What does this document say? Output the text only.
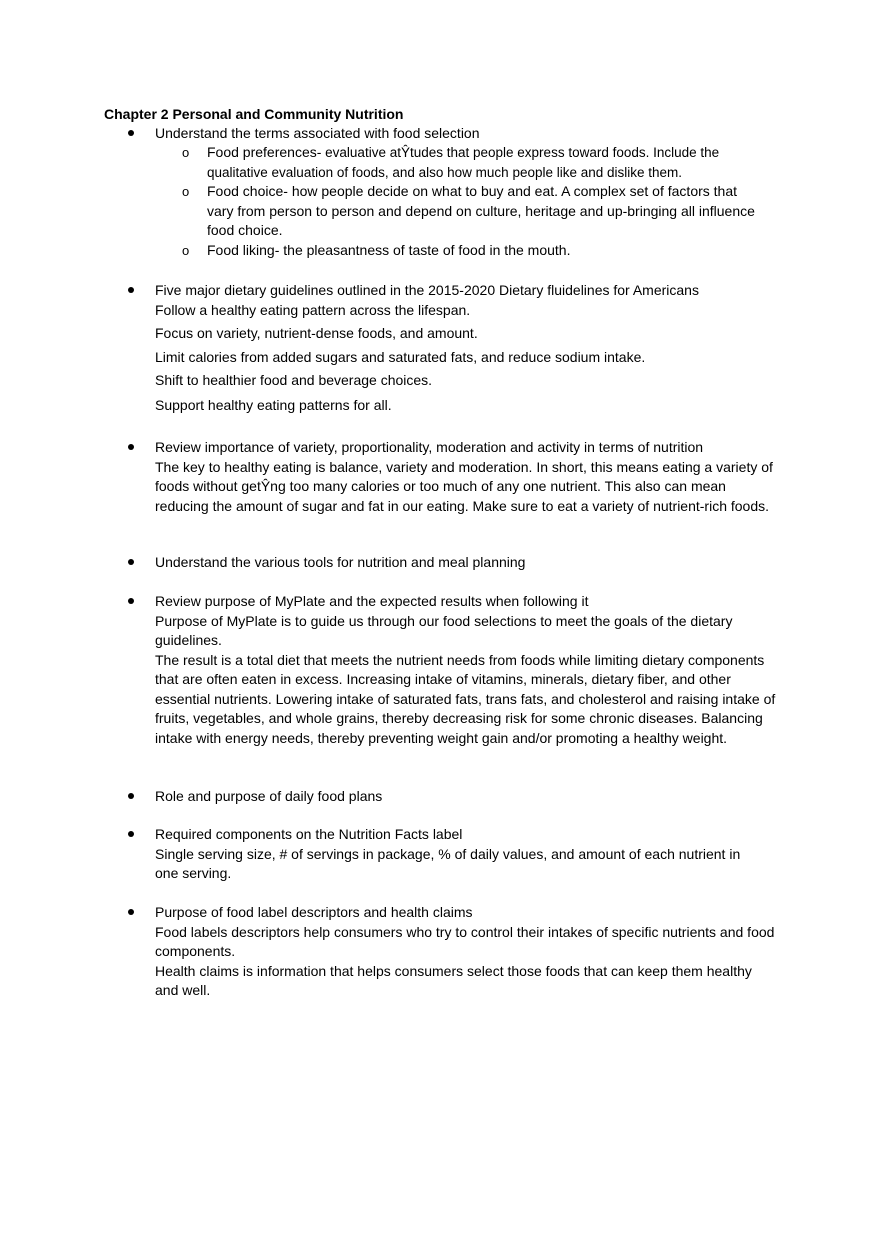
Chapter 2 Personal and Community Nutrition
Understand the terms associated with food selection
o Food preferences- evaluative atŶtudes that people express toward foods. Include the qualitative evaluation of foods, and also how much people like and dislike them.
o Food choice- how people decide on what to buy and eat. A complex set of factors that vary from person to person and depend on culture, heritage and up-bringing all influence food choice.
o Food liking- the pleasantness of taste of food in the mouth.
Five major dietary guidelines outlined in the 2015-2020 Dietary fluidelines for Americans
Follow a healthy eating pattern across the lifespan.
Focus on variety, nutrient-dense foods, and amount.
Limit calories from added sugars and saturated fats, and reduce sodium intake.
Shift to healthier food and beverage choices.
Support healthy eating patterns for all.
Review importance of variety, proportionality, moderation and activity in terms of nutrition
The key to healthy eating is balance, variety and moderation. In short, this means eating a variety of foods without getŶng too many calories or too much of any one nutrient. This also can mean reducing the amount of sugar and fat in our eating. Make sure to eat a variety of nutrient-rich foods.
Understand the various tools for nutrition and meal planning
Review purpose of MyPlate and the expected results when following it
Purpose of MyPlate is to guide us through our food selections to meet the goals of the dietary guidelines.
The result is a total diet that meets the nutrient needs from foods while limiting dietary components that are often eaten in excess. Increasing intake of vitamins, minerals, dietary fiber, and other essential nutrients. Lowering intake of saturated fats, trans fats, and cholesterol and raising intake of fruits, vegetables, and whole grains, thereby decreasing risk for some chronic diseases. Balancing intake with energy needs, thereby preventing weight gain and/or promoting a healthy weight.
Role and purpose of daily food plans
Required components on the Nutrition Facts label
Single serving size, # of servings in package, % of daily values, and amount of each nutrient in one serving.
Purpose of food label descriptors and health claims
Food labels descriptors help consumers who try to control their intakes of specific nutrients and food components.
Health claims is information that helps consumers select those foods that can keep them healthy and well.
